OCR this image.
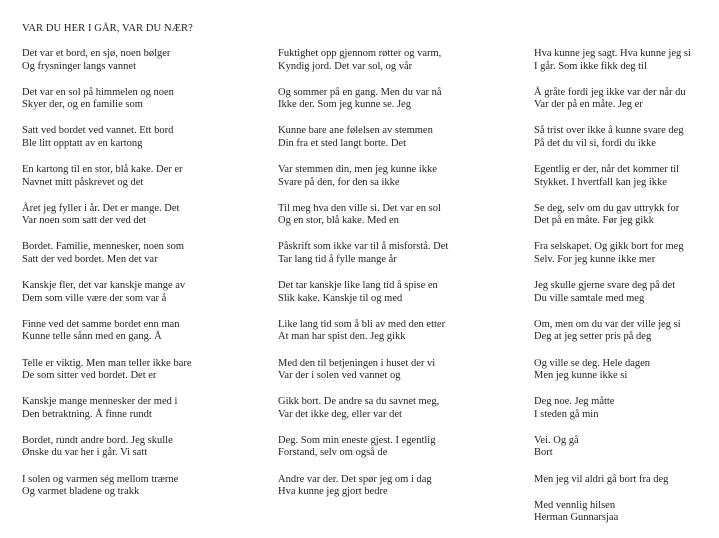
VAR DU HER I GÅR, VAR DU NÆR?
Det var et bord, en sjø, noen bølger
Og frysninger langs vannet
Det var en sol på himmelen og noen
Skyer der, og en familie som
Satt ved bordet ved vannet. Ett bord
Ble litt opptatt av en kartong
En kartong til en stor, blå kake. Der er
Navnet mitt påskrevet og det
Året jeg fyller i år. Det er mange. Det
Var noen som satt der ved det
Bordet. Familie, mennesker, noen som
Satt der ved bordet. Men det var
Kanskje fler, det var kanskje mange av
Dem som ville være der som var å
Finne ved det samme bordet enn man
Kunne telle sånn med en gang. Å
Telle er viktig. Men man teller ikke bare
De som sitter ved bordet. Det er
Kanskje mange mennesker der med i
Den betraktning. Å finne rundt
Bordet, rundt andre bord. Jeg skulle
Ønske du var her i går. Vi satt
I solen og varmen ség mellom trærne
Og varmet bladene og trakk
Fuktighet opp gjennom røtter og varm,
Kyndig jord. Det var sol, og vår
Og sommer på en gang. Men du var nå
Ikke der. Som jeg kunne se. Jeg
Kunne bare ane følelsen av stemmen
Din fra et sted langt borte. Det
Var stemmen din, men jeg kunne ikke
Svare på den, for den sa ikke
Til meg hva den ville si. Det var en sol
Og en stor, blå kake. Med en
Påskrift som ikke var til å misforstå. Det
Tar lang tid å fylle mange år
Det tar kanskje like lang tid å spise en
Slik kake. Kanskje til og med
Like lang tid som å bli av med den etter
At man har spist den. Jeg gikk
Med den til betjeningen i huset der vi
Var der i solen ved vannet og
Gikk bort. De andre sa du savnet meg,
Var det ikke deg, eller var det
Deg. Som min eneste gjest. I egentlig
Forstand, selv om også de
Andre var der. Det spør jeg om i dag
Hva kunne jeg gjort bedre
Hva kunne jeg sagt. Hva kunne jeg si
I går. Som ikke fikk deg til
Å gråte fordi jeg ikke var der når du
Var der på en måte. Jeg er
Så trist over ikke å kunne svare deg
På det du vil si, fordi du ikke
Egentlig er der, når det kommer til
Stykket. I hvertfall kan jeg ikke
Se deg, selv om du gav uttrykk for
Det på en måte. Før jeg gikk
Fra selskapet. Og gikk bort for meg
Selv. For jeg kunne ikke mer
Jeg skulle gjerne svare deg på det
Du ville samtale med meg
Om, men om du var der ville jeg si
Deg at jeg setter pris på deg
Og ville se deg. Hele dagen
Men jeg kunne ikke si
Deg noe. Jeg måtte
I steden gå min
Vei. Og gå
Bort
Men jeg vil aldri gå bort fra deg
Med vennlig hilsen
Herman Gunnarsjaa
